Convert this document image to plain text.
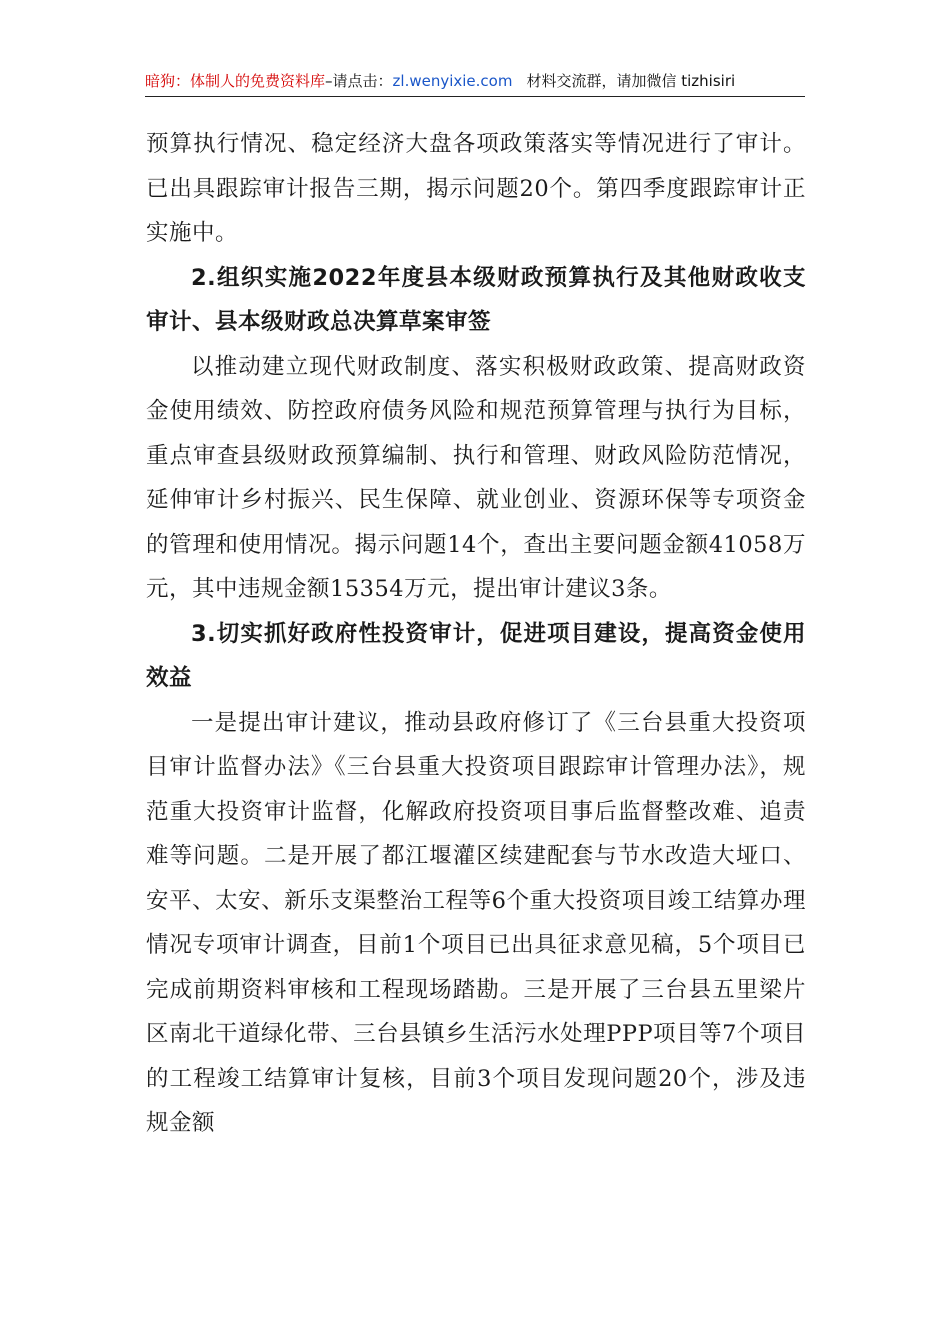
暗狗：体制人的免费资料库–请点击：zl.wenyixie.com 材料交流群，请加微信 tizhisiri

预算执行情况、稳定经济大盘各项政策落实等情况进行了审计。已出具跟踪审计报告三期，揭示问题20个。第四季度跟踪审计正实施中。

2.组织实施2022年度县本级财政预算执行及其他财政收支审计、县本级财政总决算草案审签

以推动建立现代财政制度、落实积极财政政策、提高财政资金使用绩效、防控政府债务风险和规范预算管理与执行为目标，重点审查县级财政预算编制、执行和管理、财政风险防范情况，延伸审计乡村振兴、民生保障、就业创业、资源环保等专项资金的管理和使用情况。揭示问题14个，查出主要问题金额41058万元，其中违规金额15354万元，提出审计建议3条。

3.切实抓好政府性投资审计，促进项目建设，提高资金使用效益

一是提出审计建议，推动县政府修订了《三台县重大投资项目审计监督办法》《三台县重大投资项目跟踪审计管理办法》，规范重大投资审计监督，化解政府投资项目事后监督整改难、追责难等问题。二是开展了都江堰灌区续建配套与节水改造大垭口、安平、太安、新乐支渠整治工程等6个重大投资项目竣工结算办理情况专项审计调查，目前1个项目已出具征求意见稿，5个项目已完成前期资料审核和工程现场踏勘。三是开展了三台县五里梁片区南北干道绿化带、三台县镇乡生活污水处理PPP项目等7个项目的工程竣工结算审计复核，目前3个项目发现问题20个，涉及违规金额
